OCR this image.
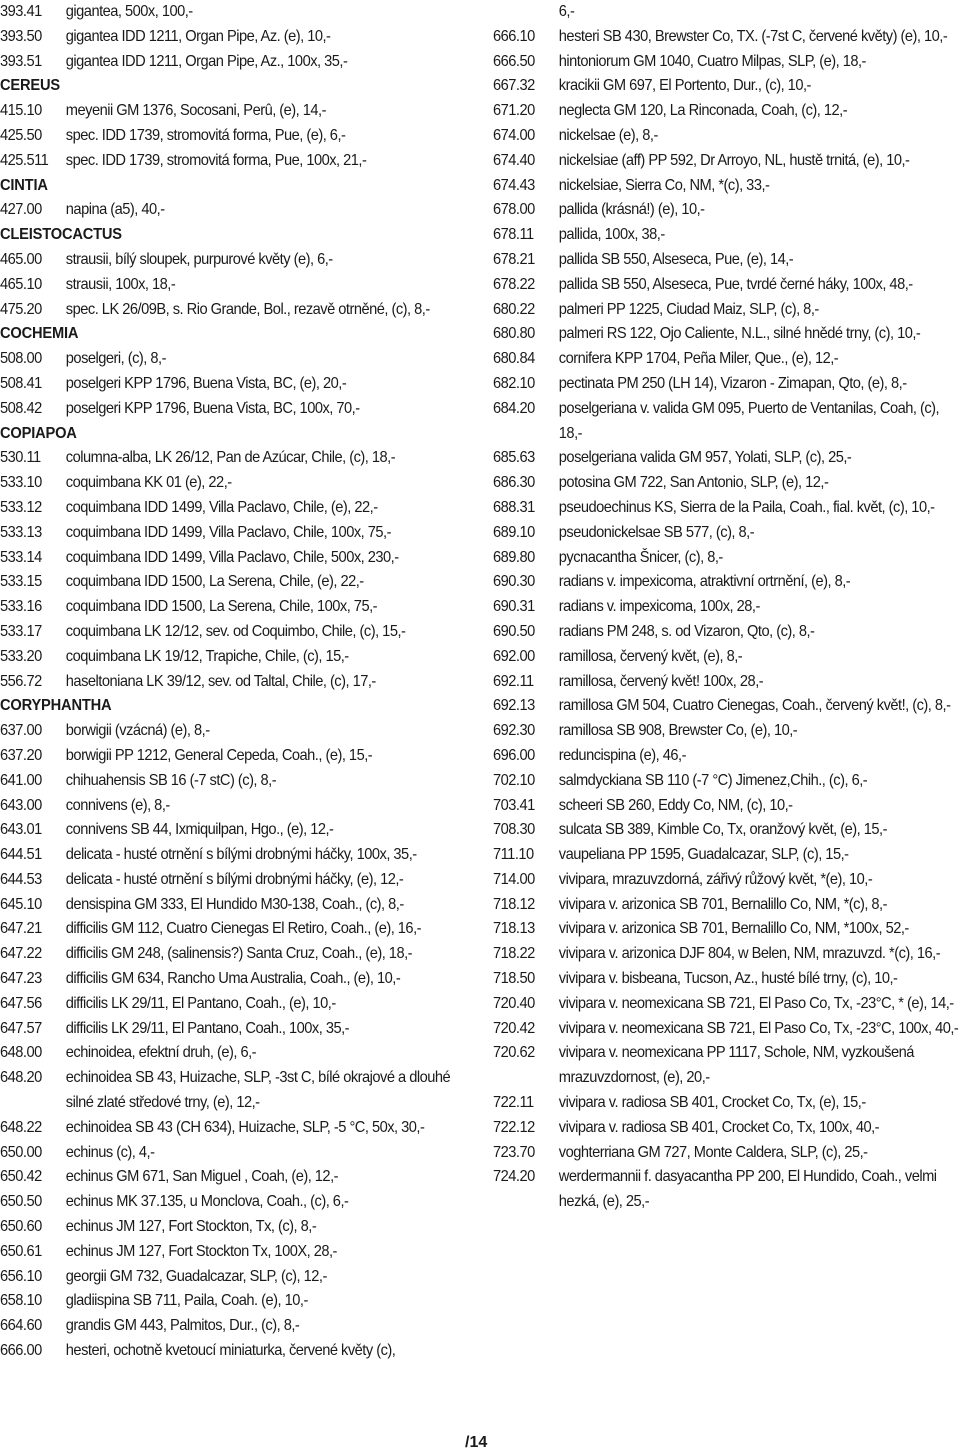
393.41	gigantea, 500x, 100,-
393.50	gigantea IDD 1211, Organ Pipe, Az. (e), 10,-
393.51	gigantea IDD 1211, Organ Pipe, Az., 100x, 35,-
CEREUS
415.10	meyenii GM 1376, Socosani, Perû, (e), 14,-
425.50	spec. IDD 1739, stromovitá forma, Pue, (e), 6,-
425.511	spec. IDD 1739, stromovitá forma, Pue, 100x, 21,-
CINTIA
427.00	napina (a5), 40,-
CLEISTOCACTUS
465.00	strausii, bílý sloupek, purpurové květy (e), 6,-
465.10	strausii, 100x, 18,-
475.20	spec. LK 26/09B, s. Rio Grande, Bol., rezavě otrněné, (c), 8,-
COCHEMIA
508.00	poselgeri, (c), 8,-
508.41	poselgeri KPP 1796, Buena Vista, BC, (e), 20,-
508.42	poselgeri KPP 1796, Buena Vista, BC, 100x, 70,-
COPIAPOA
530.11	columna-alba, LK 26/12, Pan de Azúcar, Chile, (c), 18,-
533.10	coquimbana KK 01 (e), 22,-
533.12	coquimbana IDD 1499, Villa Paclavo, Chile, (e), 22,-
533.13	coquimbana IDD 1499, Villa Paclavo, Chile, 100x, 75,-
533.14	coquimbana IDD 1499, Villa Paclavo, Chile, 500x, 230,-
533.15	coquimbana IDD 1500, La Serena, Chile, (e), 22,-
533.16	coquimbana IDD 1500, La Serena, Chile, 100x, 75,-
533.17	coquimbana LK 12/12, sev. od Coquimbo, Chile, (c), 15,-
533.20	coquimbana LK 19/12, Trapiche, Chile, (c), 15,-
556.72	haseltoniana LK 39/12, sev. od Taltal, Chile, (c), 17,-
CORYPHANTHA
637.00	borwigii (vzácná) (e), 8,-
637.20	borwigii PP 1212, General Cepeda, Coah., (e), 15,-
641.00	chihuahensis SB 16 (-7 stC) (c), 8,-
643.00	connivens (e), 8,-
643.01	connivens SB 44, Ixmiquilpan, Hgo., (e), 12,-
644.51	delicata - husté otrnění s bílými drobnými háčky, 100x, 35,-
644.53	delicata - husté otrnění s bílými drobnými háčky, (e), 12,-
645.10	densispina GM 333, El Hundido M30-138, Coah., (c), 8,-
647.21	difficilis GM 112, Cuatro Cienegas El Retiro, Coah., (e), 16,-
647.22	difficilis GM 248, (salinensis?) Santa Cruz, Coah., (e), 18,-
647.23	difficilis GM 634, Rancho Uma Australia, Coah., (e), 10,-
647.56	difficilis LK 29/11, El Pantano, Coah., (e), 10,-
647.57	difficilis LK 29/11, El Pantano, Coah., 100x, 35,-
648.00	echinoidea, efektní druh, (e), 6,-
648.20	echinoidea SB 43, Huizache, SLP, -3st C, bílé okrajové a dlouhé silné zlaté středové trny, (e), 12,-
648.22	echinoidea SB 43 (CH 634), Huizache, SLP, -5 °C, 50x, 30,-
650.00	echinus (c), 4,-
650.42	echinus GM 671, San Miguel , Coah, (e), 12,-
650.50	echinus MK 37.135, u Monclova, Coah., (c), 6,-
650.60	echinus JM 127, Fort Stockton, Tx, (c), 8,-
650.61	echinus JM 127, Fort Stockton Tx, 100X, 28,-
656.10	georgii GM 732, Guadalcazar, SLP, (c), 12,-
658.10	gladiispina SB 711, Paila, Coah. (e), 10,-
664.60	grandis GM 443, Palmitos, Dur., (c), 8,-
666.00	hesteri, ochotně kvetoucí miniaturka, červené květy (c),
6,-
666.10	hesteri SB 430, Brewster Co, TX. (-7st C, červené květy) (e), 10,-
666.50	hintoniorum GM 1040, Cuatro Milpas, SLP, (e), 18,-
667.32	kracikii GM 697, El Portento, Dur., (c), 10,-
671.20	neglecta GM 120, La Rinconada, Coah, (c), 12,-
674.00	nickelsae (e), 8,-
674.40	nickelsiae (aff) PP 592, Dr Arroyo, NL, hustě trnitá, (e), 10,-
674.43	nickelsiae, Sierra Co, NM, *(c), 33,-
678.00	pallida (krásná!) (e), 10,-
678.11	pallida, 100x, 38,-
678.21	pallida SB 550, Alseseca, Pue, (e), 14,-
678.22	pallida SB 550, Alseseca, Pue, tvrdé černé háky, 100x, 48,-
680.22	palmeri PP 1225, Ciudad Maiz, SLP, (c), 8,-
680.80	palmeri RS 122, Ojo Caliente, N.L., silné hnědé trny, (c), 10,-
680.84	cornifera KPP 1704, Peña Miler, Que., (e), 12,-
682.10	pectinata PM 250 (LH 14), Vizaron - Zimapan, Qto, (e), 8,-
684.20	poselgeriana v. valida GM 095, Puerto de Ventanilas, Coah, (c), 18,-
685.63	poselgeriana valida GM 957, Yolati, SLP, (c), 25,-
686.30	potosina GM 722, San Antonio, SLP, (e), 12,-
688.31	pseudoechinus KS, Sierra de la Paila, Coah., fial. květ, (c), 10,-
689.10	pseudonickelsae SB 577, (c), 8,-
689.80	pycnacantha Šnicer, (c), 8,-
690.30	radians v. impexicoma, atraktivní ortrnění, (e), 8,-
690.31	radians v. impexicoma, 100x, 28,-
690.50	radians PM 248, s. od Vizaron, Qto, (c), 8,-
692.00	ramillosa, červený květ, (e), 8,-
692.11	ramillosa, červený květ! 100x, 28,-
692.13	ramillosa GM 504, Cuatro Cienegas, Coah., červený květ!, (c), 8,-
692.30	ramillosa SB 908, Brewster Co, (e), 10,-
696.00	reduncispina (e), 46,-
702.10	salmdyckiana SB 110 (-7 °C) Jimenez,Chih., (c), 6,-
703.41	scheeri SB 260, Eddy Co, NM, (c), 10,-
708.30	sulcata SB 389, Kimble Co, Tx, oranžový květ, (e), 15,-
711.10	vaupeliana PP 1595, Guadalcazar, SLP, (c), 15,-
714.00	vivipara, mrazuvzdorná, zářivý růžový květ, *(e), 10,-
718.12	vivipara v. arizonica SB 701, Bernalillo Co, NM, *(c), 8,-
718.13	vivipara v. arizonica SB 701, Bernalillo Co, NM, *100x, 52,-
718.22	vivipara v. arizonica DJF 804, w Belen, NM, mrazuvzd. *(c), 16,-
718.50	vivipara v. bisbeana, Tucson, Az., husté bílé trny, (c), 10,-
720.40	vivipara v. neomexicana SB 721, El Paso Co, Tx, -23°C, * (e), 14,-
720.42	vivipara v. neomexicana SB 721, El Paso Co, Tx, -23°C, 100x, 40,-
720.62	vivipara v. neomexicana PP 1117, Schole, NM, vyzkoušená mrazuvzdornost, (e), 20,-
722.11	vivipara v. radiosa SB 401, Crocket Co, Tx, (e), 15,-
722.12	vivipara v. radiosa SB 401, Crocket Co, Tx, 100x, 40,-
723.70	voghterriana GM 727, Monte Caldera, SLP, (c), 25,-
724.20	werdermannii f. dasyacantha PP 200, El Hundido, Coah., velmi hezká, (e), 25,-
/14
